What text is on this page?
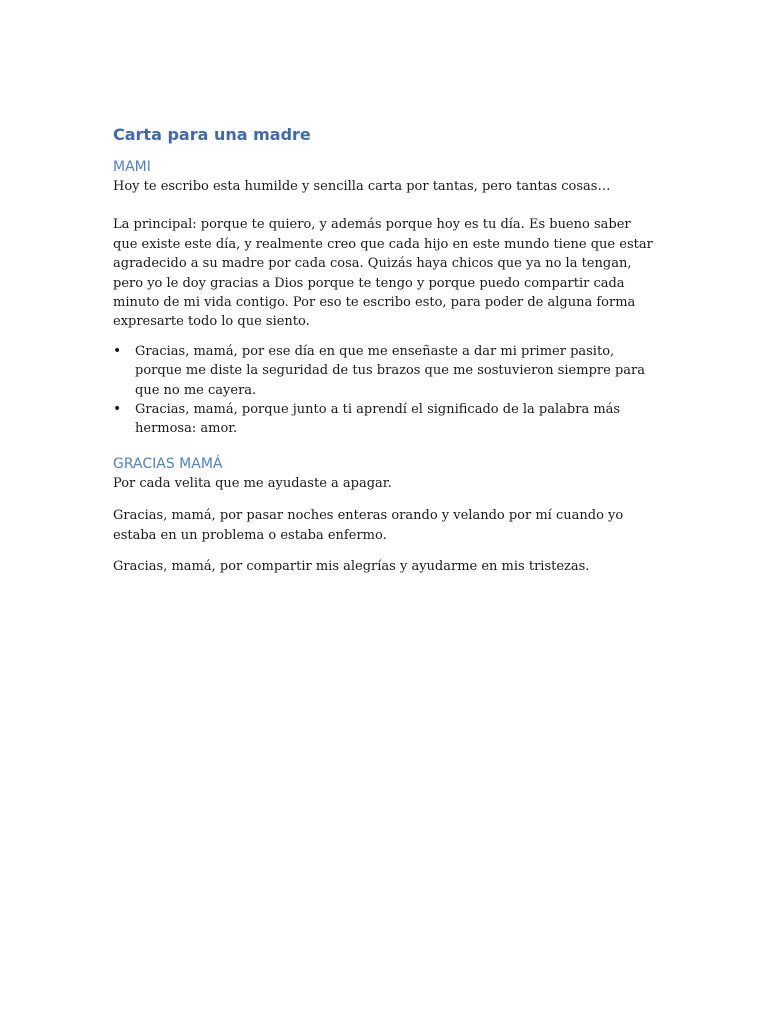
Carta para una madre
MAMI

Hoy te escribo esta humilde y sencilla carta por tantas, pero tantas cosas…

La principal: porque te quiero, y además porque hoy es tu día. Es bueno saber que existe este día, y realmente creo que cada hijo en este mundo tiene que estar agradecido a su madre por cada cosa. Quizás haya chicos que ya no la tengan, pero yo le doy gracias a Dios porque te tengo y porque puedo compartir cada minuto de mi vida contigo. Por eso te escribo esto, para poder de alguna forma expresarte todo lo que siento.

• Gracias, mamá, por ese día en que me enseñaste a dar mi primer pasito, porque me diste la seguridad de tus brazos que me sostuvieron siempre para que no me cayera.
• Gracias, mamá, porque junto a ti aprendí el significado de la palabra más hermosa: amor.
GRACIAS MAMÁ

Por cada velita que me ayudaste a apagar.

Gracias, mamá, por pasar noches enteras orando y velando por mí cuando yo estaba en un problema o estaba enfermo.

Gracias, mamá, por compartir mis alegrías y ayudarme en mis tristezas.
